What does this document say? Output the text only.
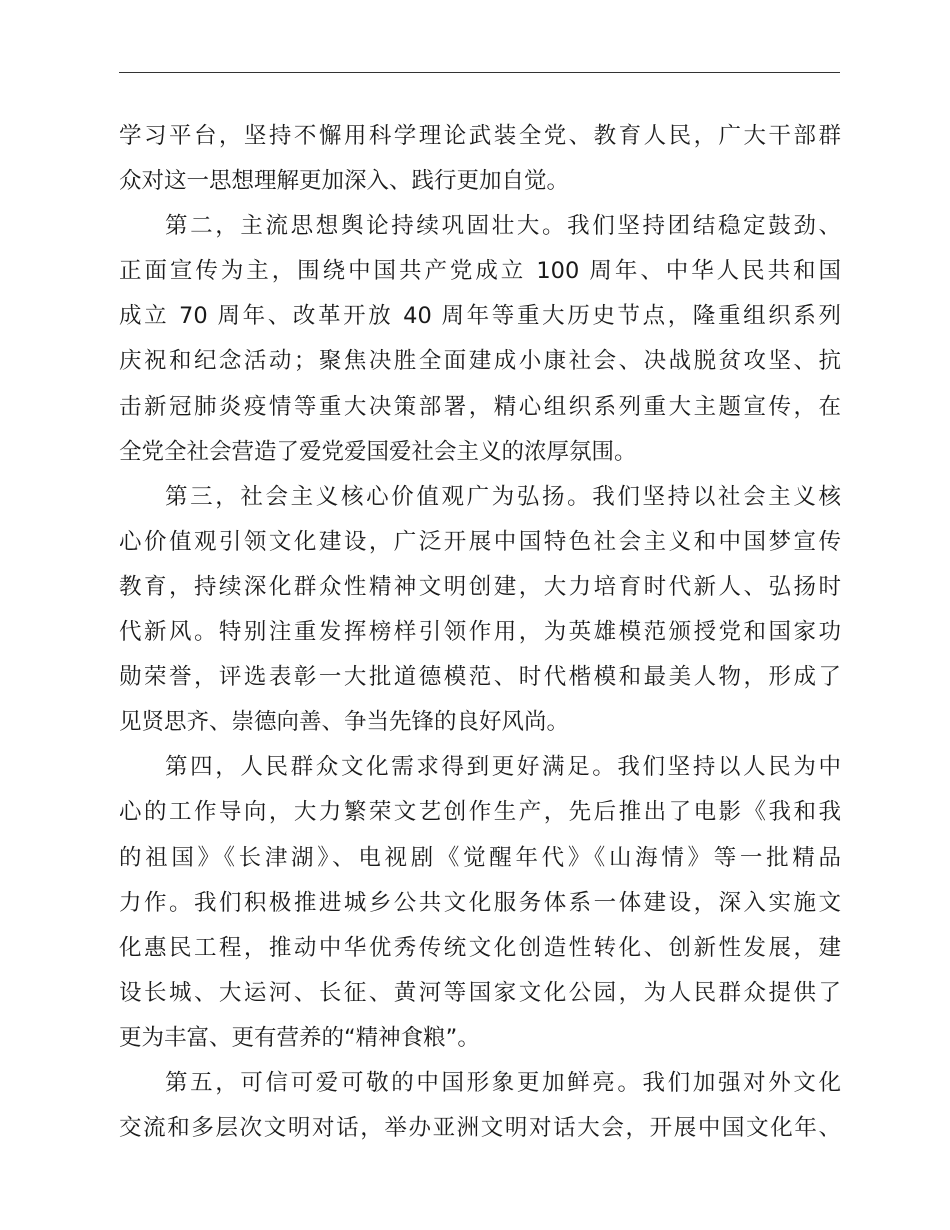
学习平台，坚持不懈用科学理论武装全党、教育人民，广大干部群
众对这一思想理解更加深入、践行更加自觉。
第二，主流思想舆论持续巩固壮大。我们坚持团结稳定鼓劲、
正面宣传为主，围绕中国共产党成立 100 周年、中华人民共和国
成立 70 周年、改革开放 40 周年等重大历史节点，隆重组织系列
庆祝和纪念活动；聚焦决胜全面建成小康社会、决战脱贫攻坚、抗
击新冠肺炎疫情等重大决策部署，精心组织系列重大主题宣传，在
全党全社会营造了爱党爱国爱社会主义的浓厚氛围。
第三，社会主义核心价值观广为弘扬。我们坚持以社会主义核
心价值观引领文化建设，广泛开展中国特色社会主义和中国梦宣传
教育，持续深化群众性精神文明创建，大力培育时代新人、弘扬时
代新风。特别注重发挥榜样引领作用，为英雄模范颁授党和国家功
勋荣誉，评选表彰一大批道德模范、时代楷模和最美人物，形成了
见贤思齐、崇德向善、争当先锋的良好风尚。
第四，人民群众文化需求得到更好满足。我们坚持以人民为中
心的工作导向，大力繁荣文艺创作生产，先后推出了电影《我和我
的祖国》《长津湖》、电视剧《觉醒年代》《山海情》等一批精品
力作。我们积极推进城乡公共文化服务体系一体建设，深入实施文
化惠民工程，推动中华优秀传统文化创造性转化、创新性发展，建
设长城、大运河、长征、黄河等国家文化公园，为人民群众提供了
更为丰富、更有营养的“精神食粮”。
第五，可信可爱可敬的中国形象更加鲜亮。我们加强对外文化
交流和多层次文明对话，举办亚洲文明对话大会，开展中国文化年、
